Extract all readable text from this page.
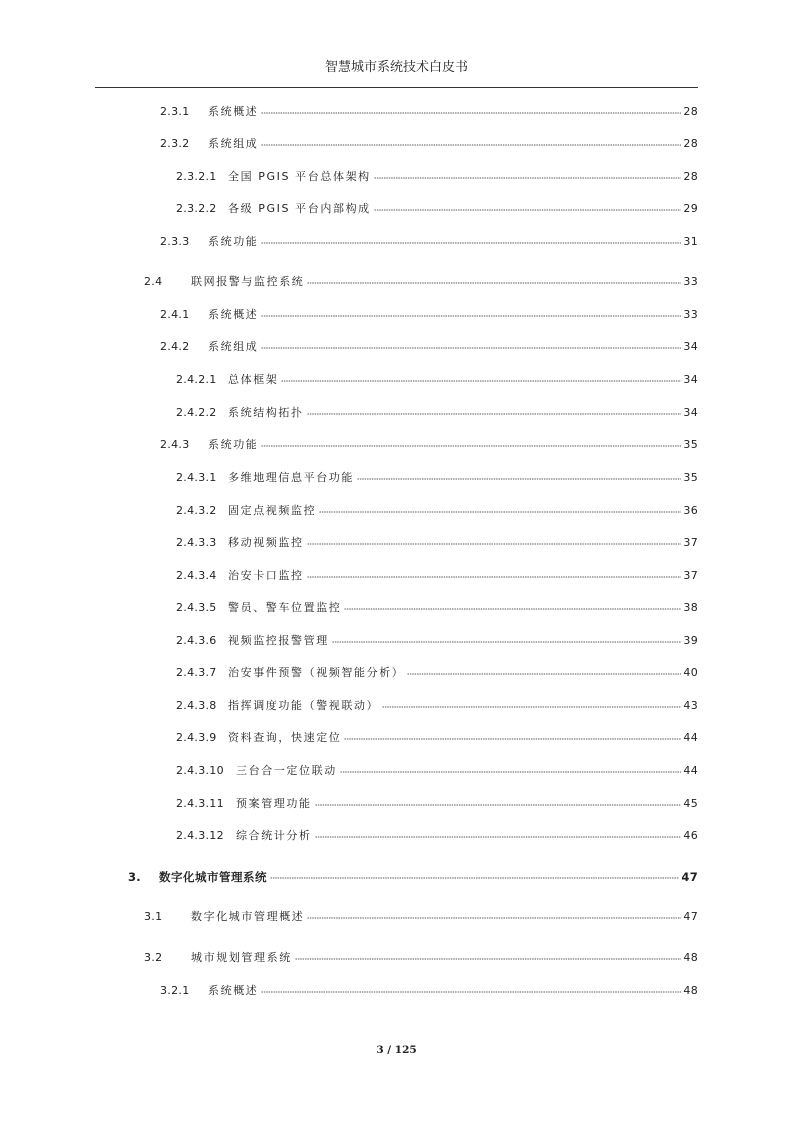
智慧城市系统技术白皮书
2.3.1 系统概述	28
2.3.2 系统组成	28
2.3.2.1 全国 PGIS 平台总体架构	28
2.3.2.2 各级 PGIS 平台内部构成	29
2.3.3 系统功能	31
2.4	联网报警与监控系统	33
2.4.1 系统概述	33
2.4.2 系统组成	34
2.4.2.1 总体框架	34
2.4.2.2 系统结构拓扑	34
2.4.3 系统功能	35
2.4.3.1 多维地理信息平台功能	35
2.4.3.2 固定点视频监控	36
2.4.3.3 移动视频监控	37
2.4.3.4 治安卡口监控	37
2.4.3.5 警员、警车位置监控	38
2.4.3.6 视频监控报警管理	39
2.4.3.7 治安事件预警（视频智能分析）	40
2.4.3.8 指挥调度功能（警视联动）	43
2.4.3.9 资料查询，快速定位	44
2.4.3.10 三台合一定位联动	44
2.4.3.11 预案管理功能	45
2.4.3.12 综合统计分析	46
3. 数字化城市管理系统	47
3.1	数字化城市管理概述	47
3.2	城市规划管理系统	48
3.2.1 系统概述	48
3 / 125
